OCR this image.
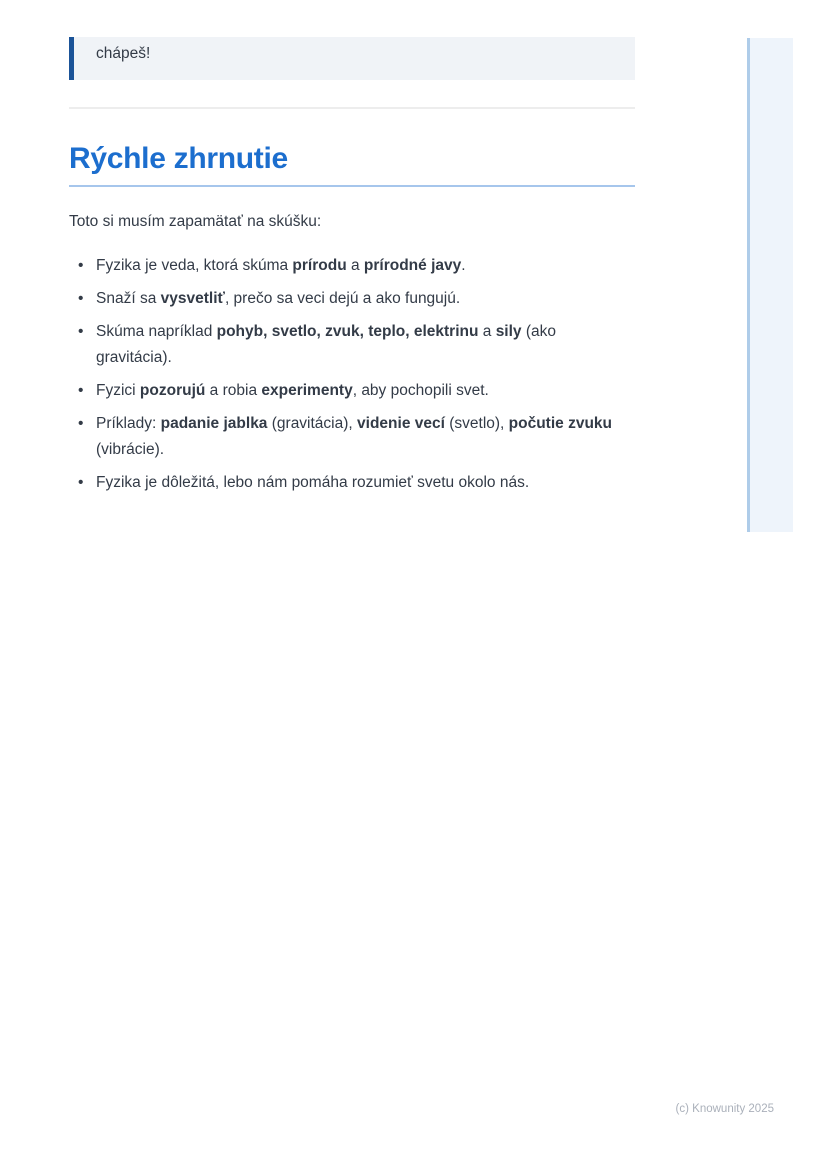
chápeš!
Rýchle zhrnutie

Toto si musím zapamätať na skúšku:

• Fyzika je veda, ktorá skúma prírodu a prírodné javy.
• Snaží sa vysvetliť, prečo sa veci dejú a ako fungujú.
• Skúma napríklad pohyb, svetlo, zvuk, teplo, elektrinu a sily (ako gravitácia).
• Fyzici pozorujú a robia experimenty, aby pochopili svet.
• Príklady: padanie jablka (gravitácia), videnie vecí (svetlo), počutie zvuku (vibrácie).
• Fyzika je dôležitá, lebo nám pomáha rozumieť svetu okolo nás.
(c) Knowunity 2025
